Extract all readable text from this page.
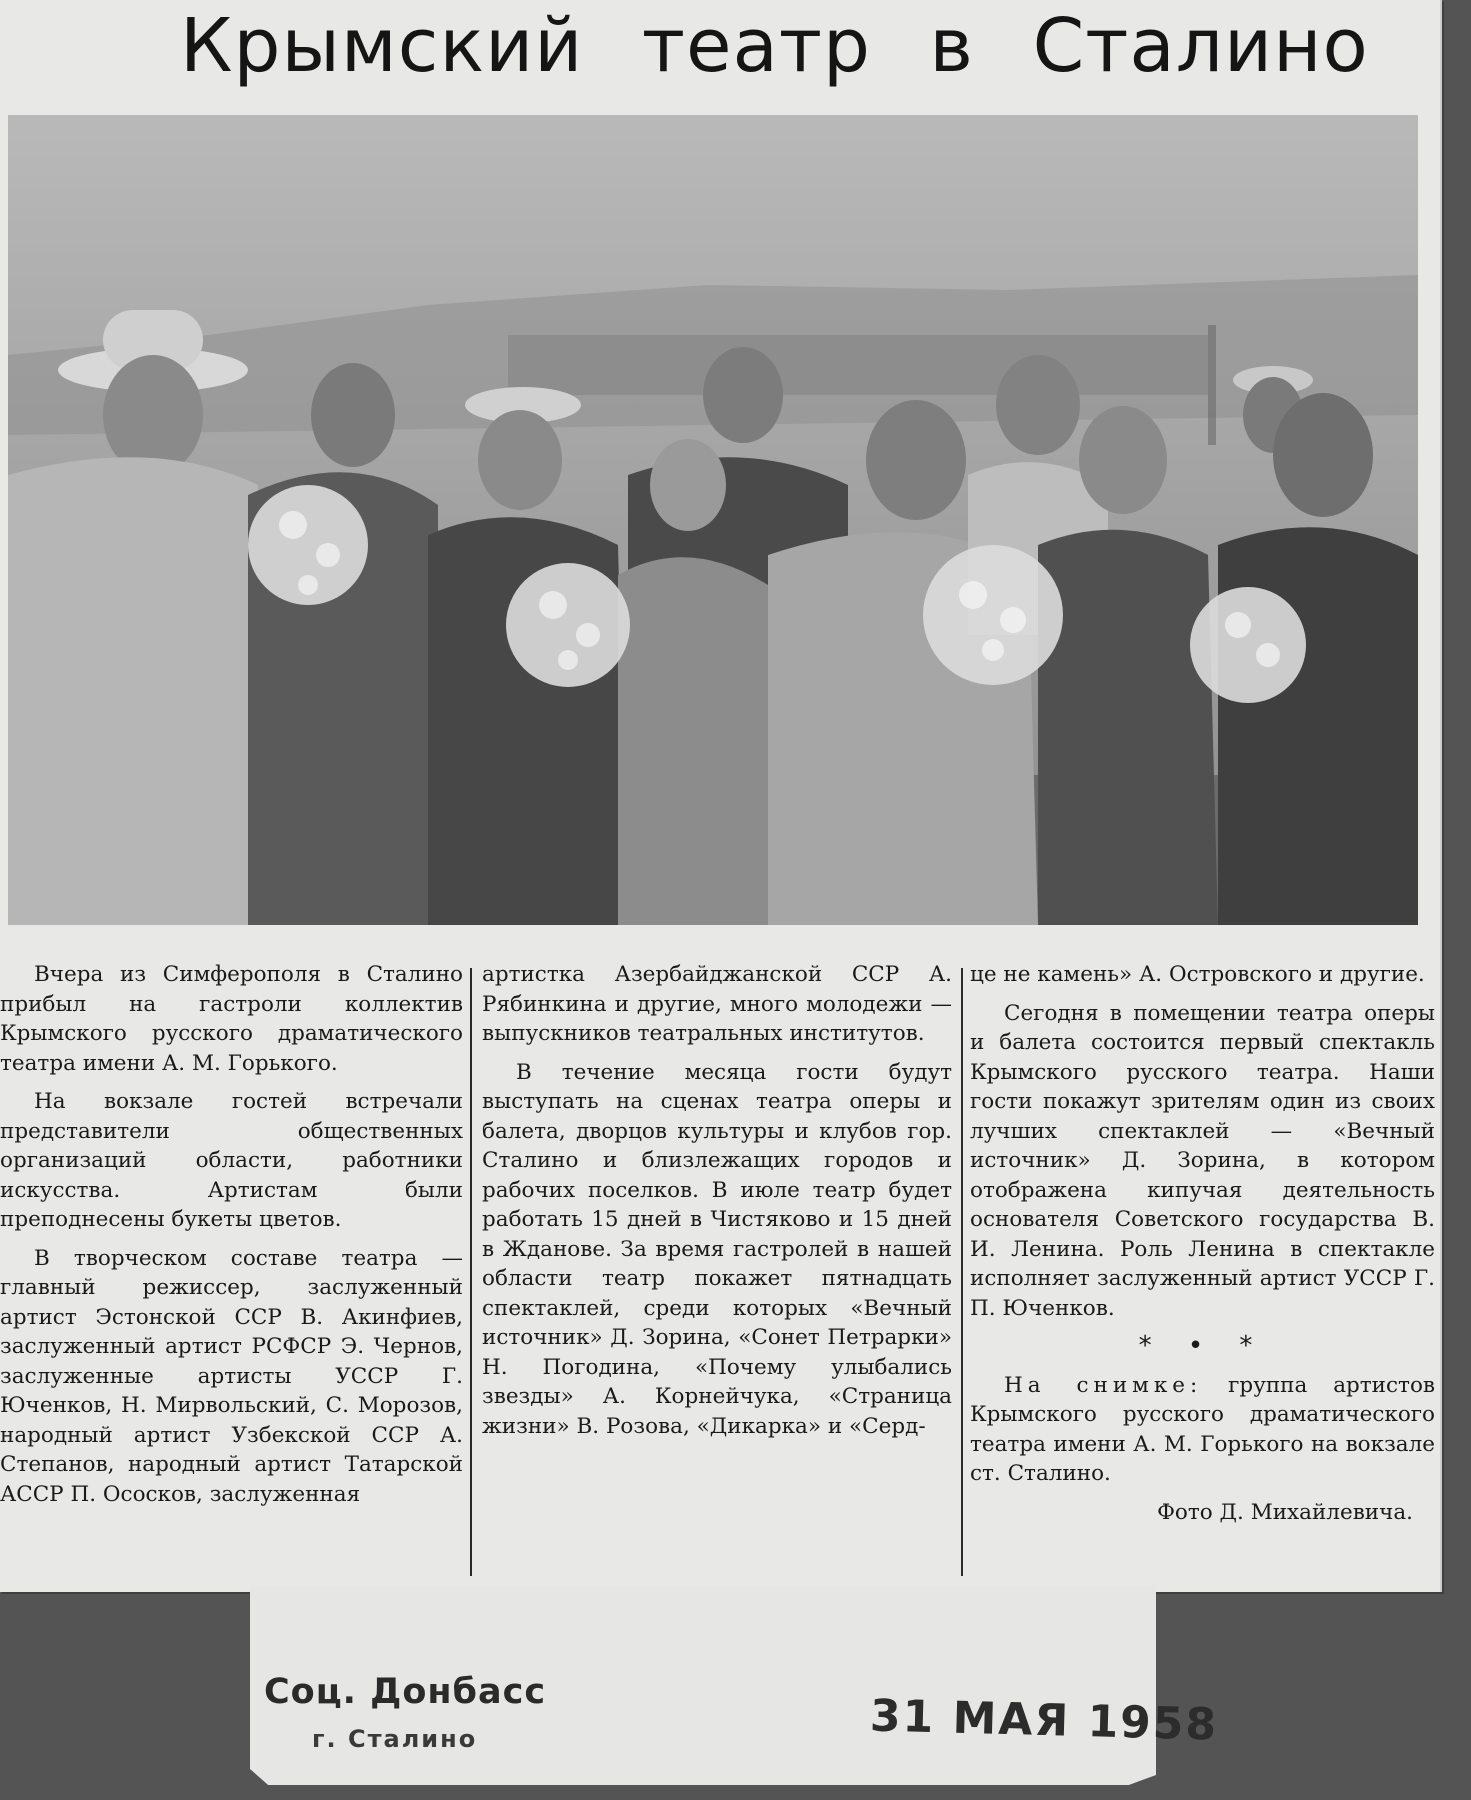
Крымский театр в Сталино

Вчера из Симферополя в Сталино прибыл на гастроли коллектив Крымского русского драматического театра имени А. М. Горького.

На вокзале гостей встречали представители общественных организаций области, работники искусства. Артистам были преподнесены букеты цветов.

В творческом составе театра — главный режиссер, заслуженный артист Эстонской ССР В. Акинфиев, заслуженный артист РСФСР Э. Чернов, заслуженные артисты УССР Г. Юченков, Н. Мирвольский, С. Морозов, народный артист Узбекской ССР А. Степанов, народный артист Татарской АССР П. Ососков, заслуженная

артистка Азербайджанской ССР А. Рябинкина и другие, много молодежи — выпускников театральных институтов.

В течение месяца гости будут выступать на сценах театра оперы и балета, дворцов культуры и клубов гор. Сталино и близлежащих городов и рабочих поселков. В июле театр будет работать 15 дней в Чистяково и 15 дней в Жданове. За время гастролей в нашей области театр покажет пятнадцать спектаклей, среди которых «Вечный источник» Д. Зорина, «Сонет Петрарки» Н. Погодина, «Почему улыбались звезды» А. Корнейчука, «Страница жизни» В. Розова, «Дикарка» и «Серд-

це не камень» А. Островского и другие.

Сегодня в помещении театра оперы и балета состоится первый спектакль Крымского русского театра. Наши гости покажут зрителям один из своих лучших спектаклей — «Вечный источник» Д. Зорина, в котором отображена кипучая деятельность основателя Советского государства В. И. Ленина. Роль Ленина в спектакле исполняет заслуженный артист УССР Г. П. Юченков.

* • *

На снимке: группа артистов Крымского русского драматического театра имени А. М. Горького на вокзале ст. Сталино.

Фото Д. Михайлевича.

Соц. Донбасс
г. Сталино	31 МАЯ 1958
